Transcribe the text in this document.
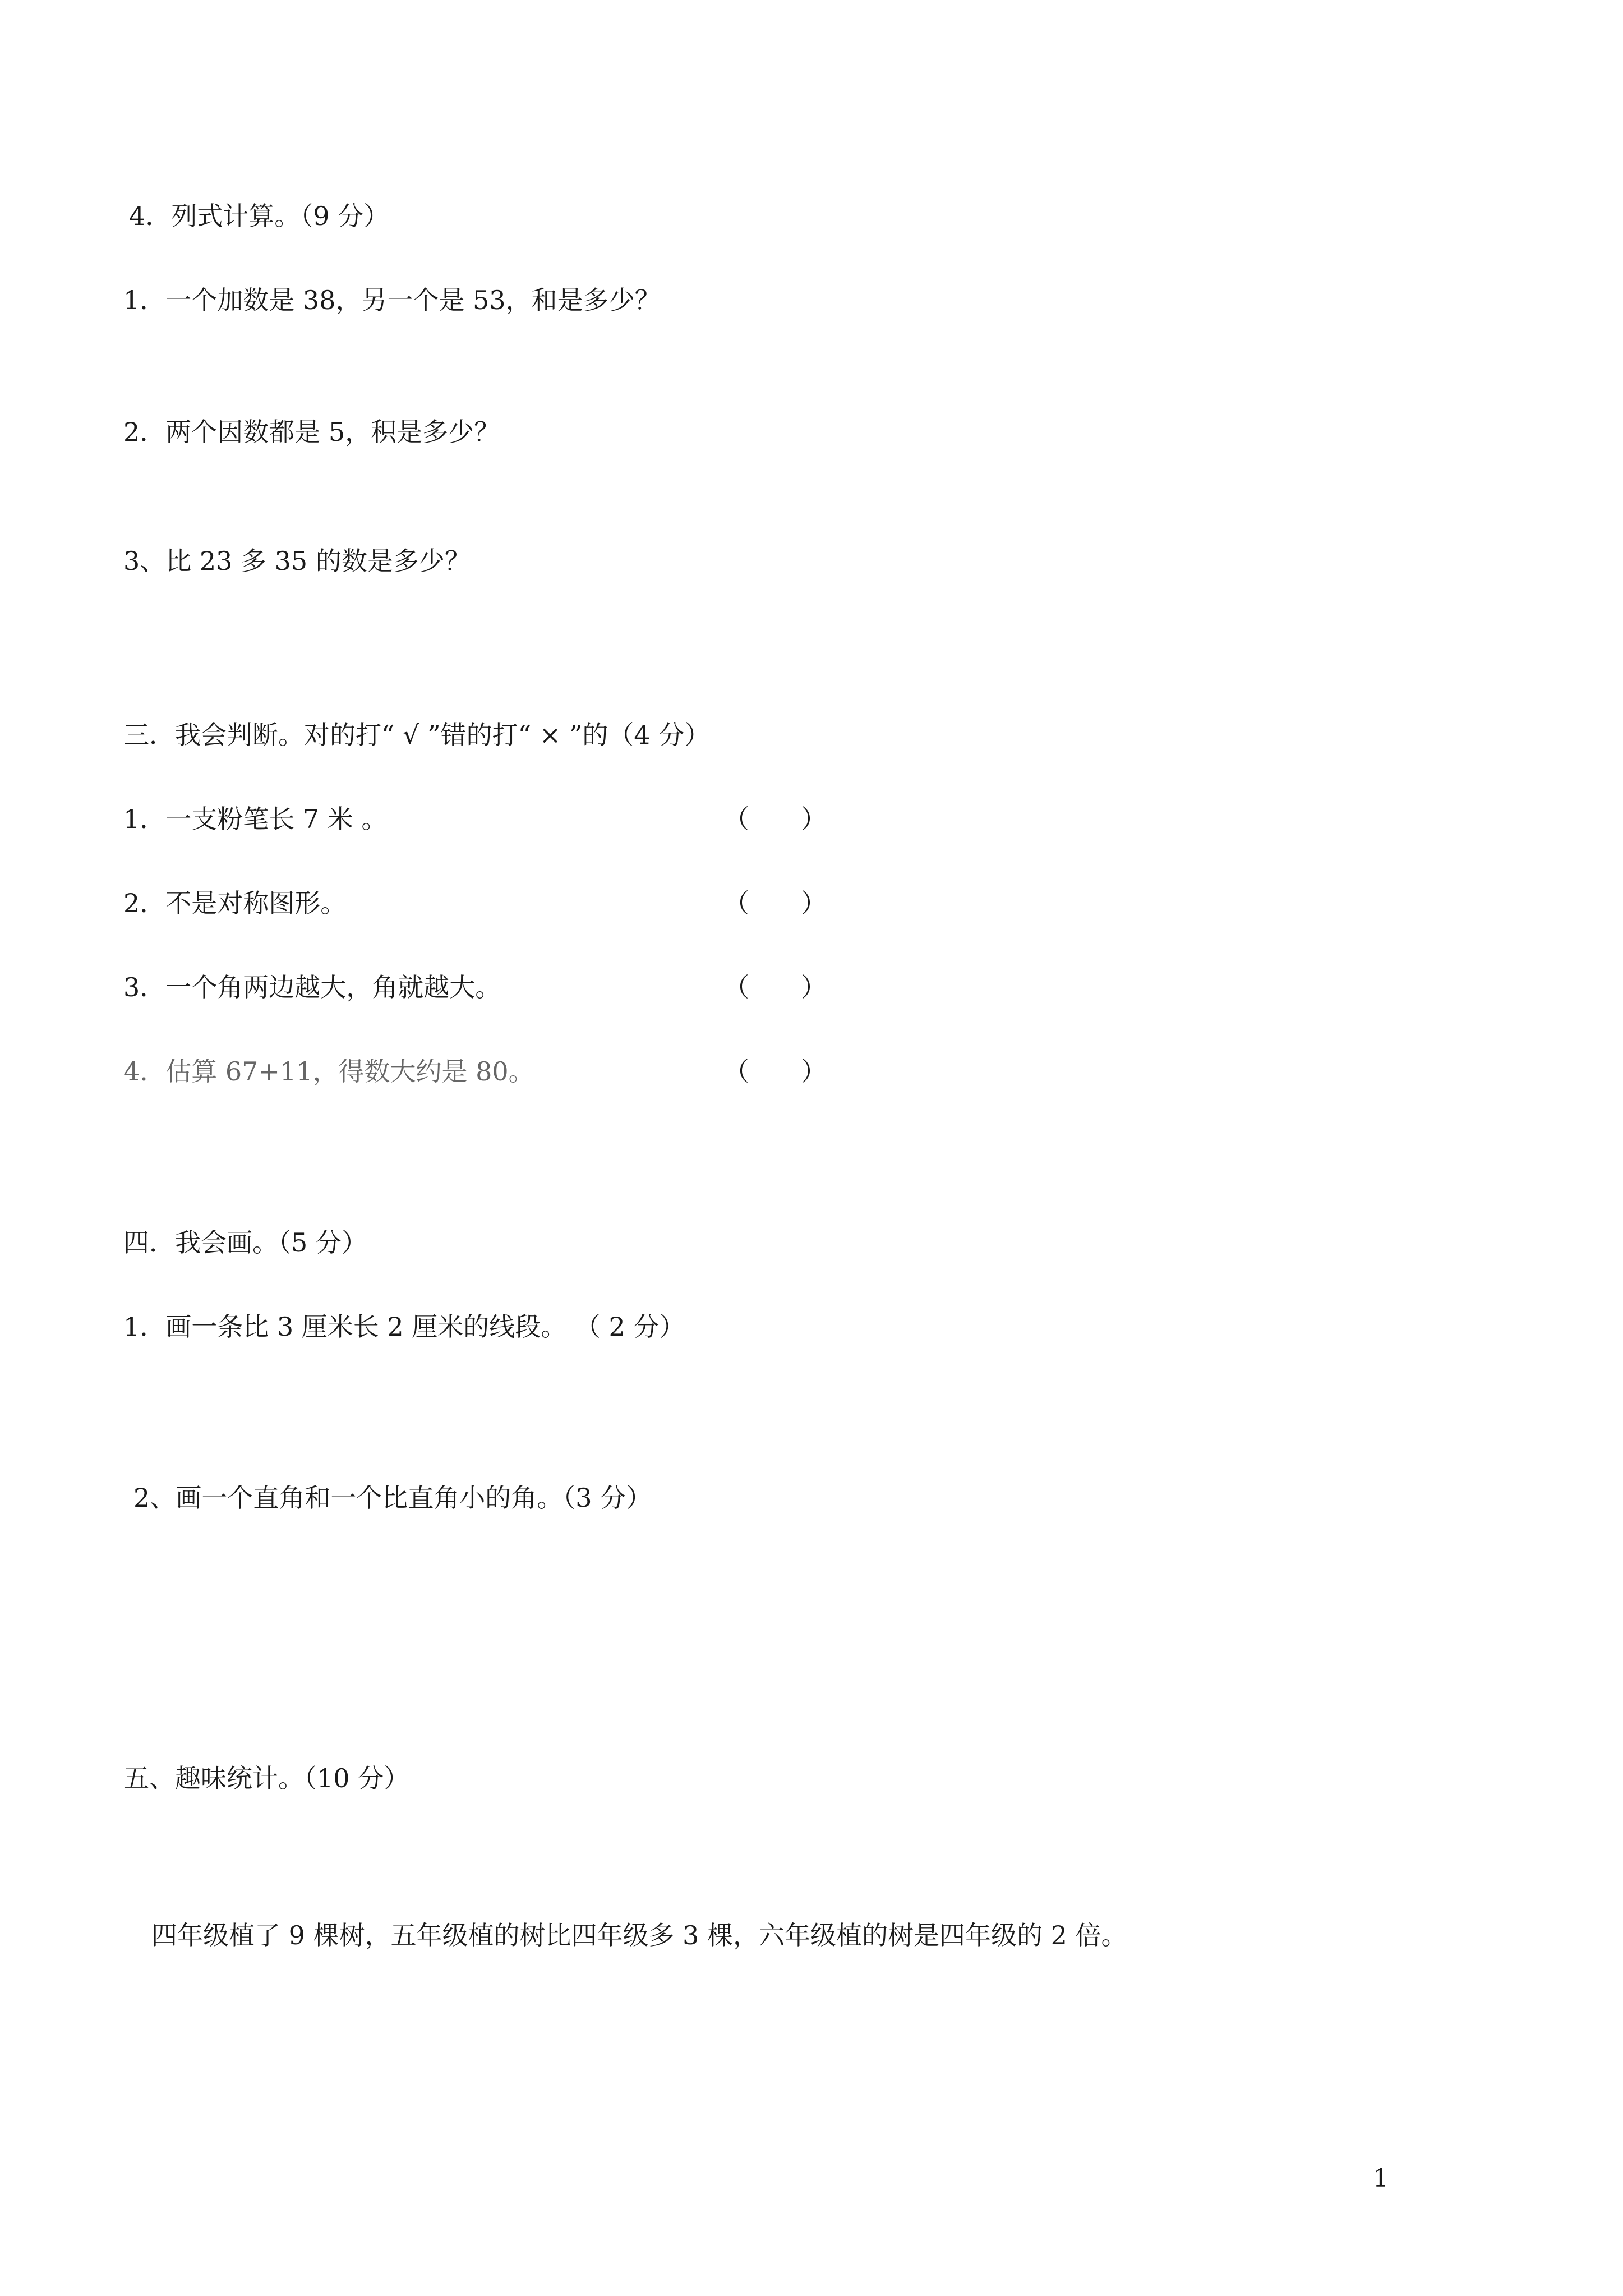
4．列式计算。（9 分）
1．一个加数是 38，另一个是 53，和是多少？
2．两个因数都是 5，积是多少？
3、比 23 多 35 的数是多少？
三．我会判断。对的打“ √ ”错的打“ × ”的（4 分）
1．一支粉笔长 7 米 。	（　　）
2．不是对称图形。	（　　）
3．一个角两边越大，角就越大。	（　　）
4．估算 67+11，得数大约是 80。	（　　）
四．我会画。（5 分）
1．画一条比 3 厘米长 2 厘米的线段。 （ 2 分）
2、画一个直角和一个比直角小的角。（3 分）
五、趣味统计。（10 分）
四年级植了 9 棵树，五年级植的树比四年级多 3 棵，六年级植的树是四年级的 2 倍。
1
